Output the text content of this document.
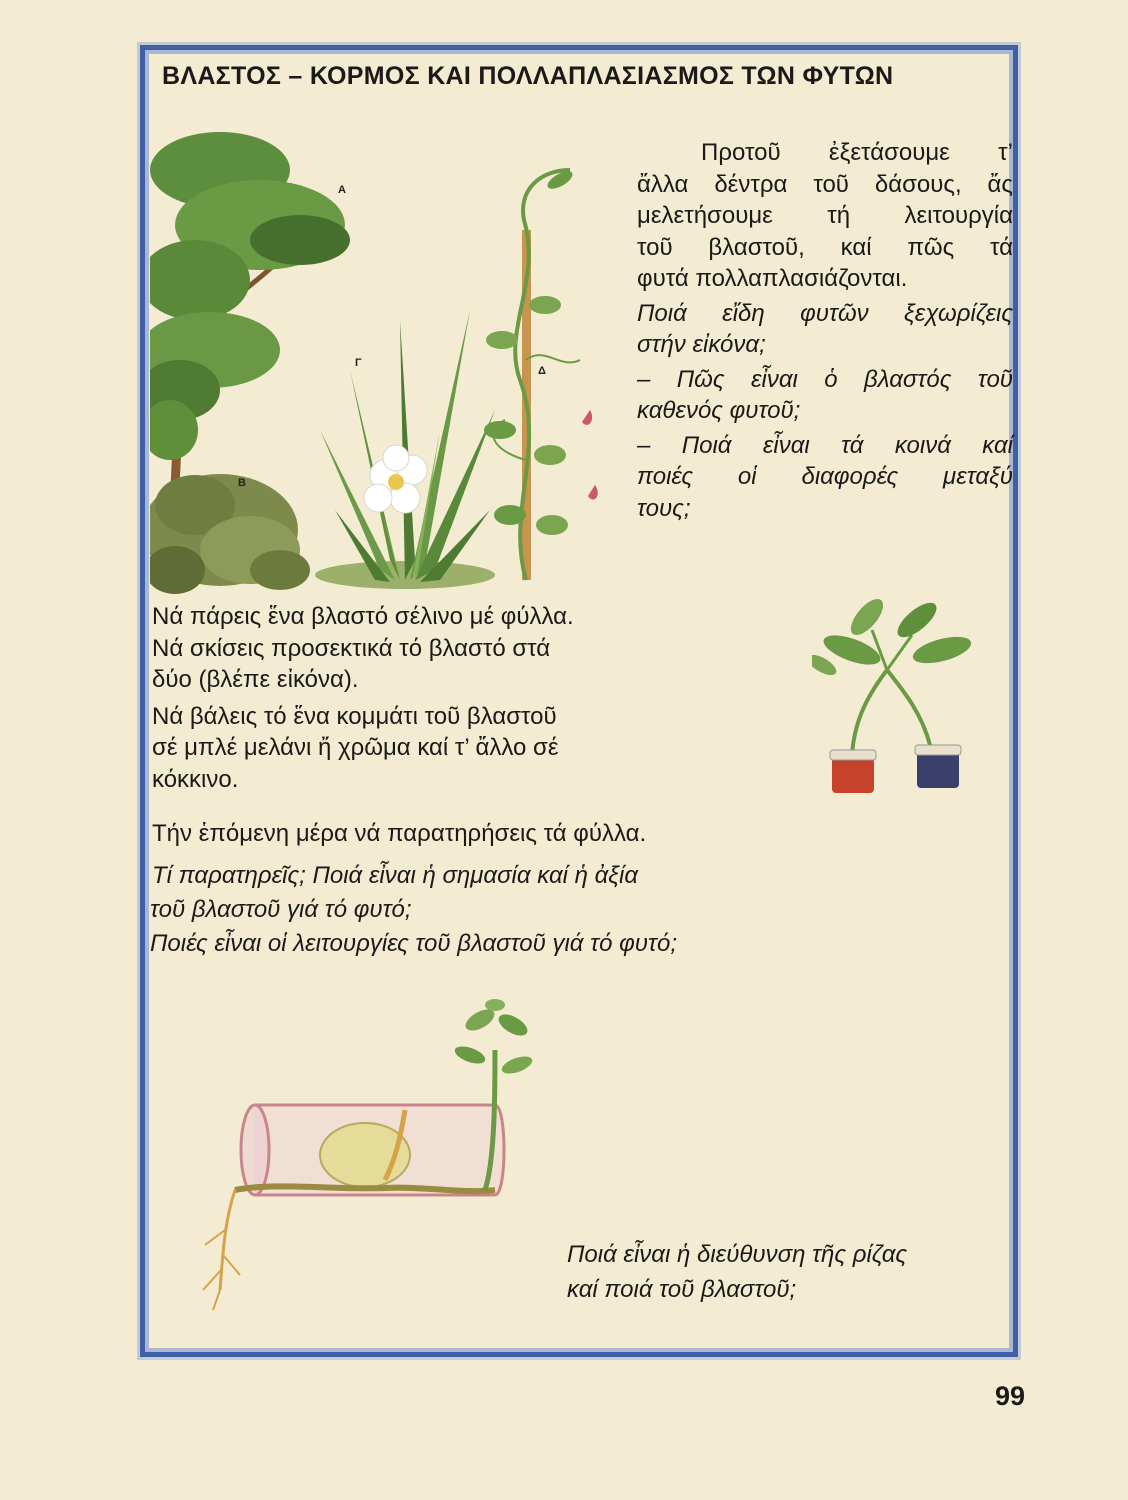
ΒΛΑΣΤΟΣ – ΚΟΡΜΟΣ ΚΑΙ ΠΟΛΛΑΠΛΑΣΙΑΣΜΟΣ ΤΩΝ ΦΥΤΩΝ
A
B
Γ
Δ
Προτοῦ ἐξετάσουμε τ’
ἄλλα δέντρα τοῦ δάσους, ἄς
μελετήσουμε τή λειτουργία
τοῦ βλαστοῦ, καί πῶς τά
φυτά πολλαπλασιάζονται.
Ποιά εἴδη φυτῶν ξεχωρίζεις
στήν εἰκόνα;
– Πῶς εἶναι ὁ βλαστός τοῦ
καθενός φυτοῦ;
– Ποιά εἶναι τά κοινά καί
ποιές οἱ διαφορές μεταξύ
τους;
Νά πάρεις ἕνα βλαστό σέλινο μέ φύλλα.
Νά σκίσεις προσεκτικά τό βλαστό στά
δύο (βλέπε εἰκόνα).
Νά βάλεις τό ἕνα κομμάτι τοῦ βλαστοῦ
σέ μπλέ μελάνι ἤ χρῶμα καί τ’ ἄλλο σέ
κόκκινο.
Τήν ἑπόμενη μέρα νά παρατηρήσεις τά φύλλα.
Τί παρατηρεῖς; Ποιά εἶναι ἡ σημασία καί ἡ ἀξία
τοῦ βλαστοῦ γιά τό φυτό;
Ποιές εἶναι οἱ λειτουργίες τοῦ βλαστοῦ γιά τό φυτό;
Ποιά εἶναι ἡ διεύθυνση τῆς ρίζας
καί ποιά τοῦ βλαστοῦ;
99
